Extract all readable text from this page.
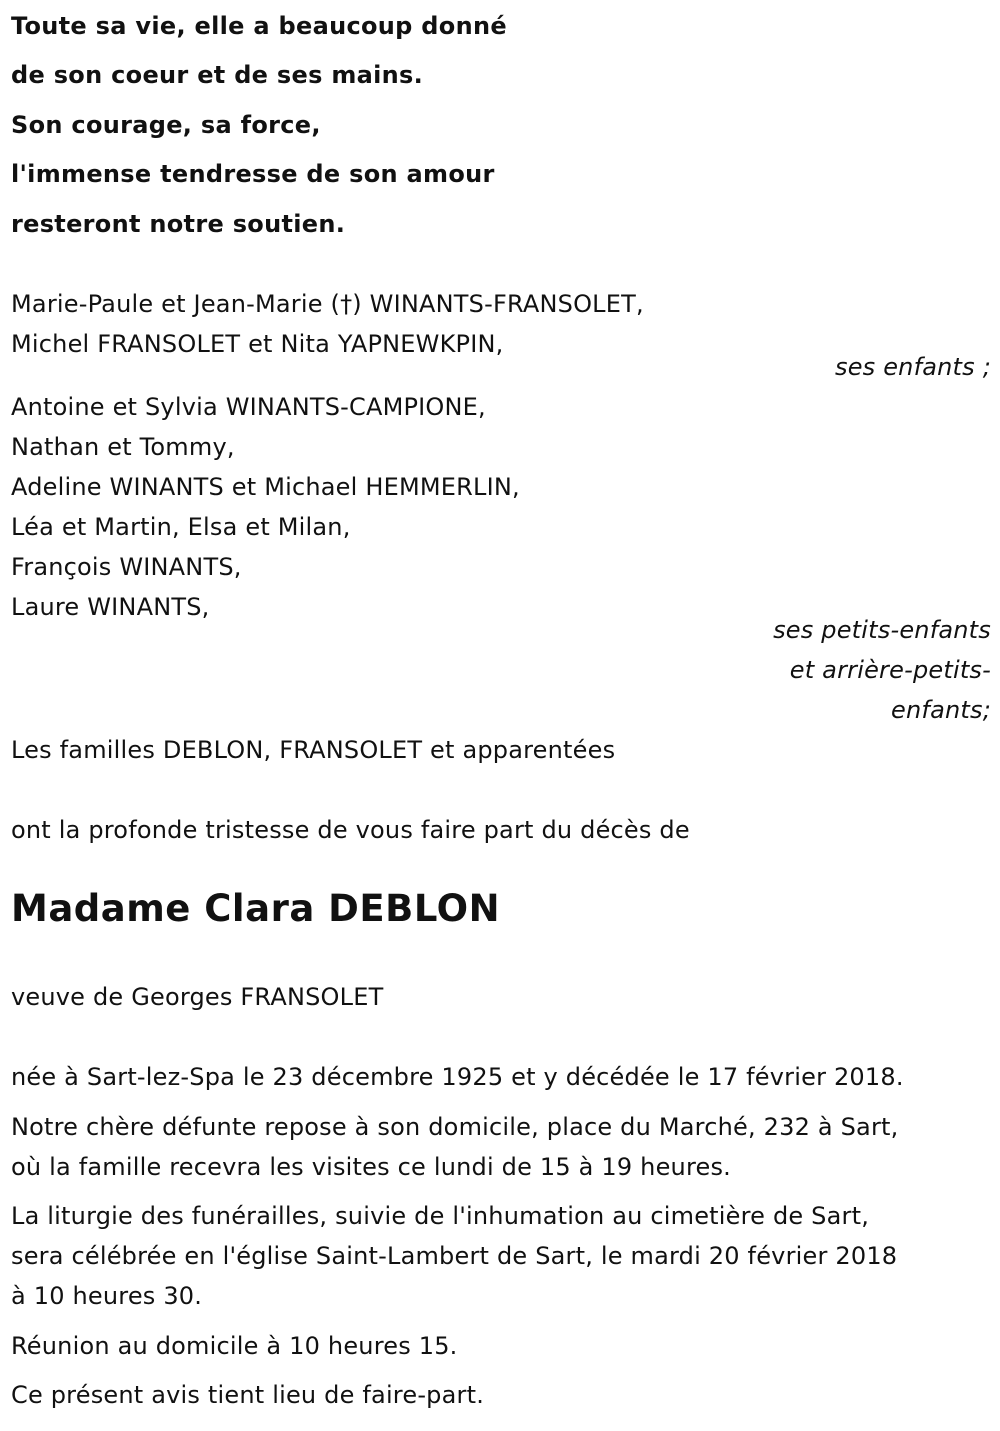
Toute sa vie, elle a beaucoup donné
de son coeur et de ses mains.
Son courage, sa force,
l'immense tendresse de son amour
resteront notre soutien.
Marie-Paule et Jean-Marie (†) WINANTS-FRANSOLET,
Michel FRANSOLET et Nita YAPNEWKPIN,
ses enfants ;
Antoine et Sylvia WINANTS-CAMPIONE,
Nathan et Tommy,
Adeline WINANTS et Michael HEMMERLIN,
Léa et Martin, Elsa et Milan,
François WINANTS,
Laure WINANTS,
ses petits-enfants
et arrière-petits-
enfants;
Les familles DEBLON, FRANSOLET et apparentées
ont la profonde tristesse de vous faire part du décès de
Madame Clara DEBLON
veuve de Georges FRANSOLET
née à Sart-lez-Spa le 23 décembre 1925 et y décédée le 17 février 2018.
Notre chère défunte repose à son domicile, place du Marché, 232 à Sart,
où la famille recevra les visites ce lundi de 15 à 19 heures.
La liturgie des funérailles, suivie de l'inhumation au cimetière de Sart,
sera célébrée en l'église Saint-Lambert de Sart, le mardi 20 février 2018
à 10 heures 30.
Réunion au domicile à 10 heures 15.
Ce présent avis tient lieu de faire-part.
